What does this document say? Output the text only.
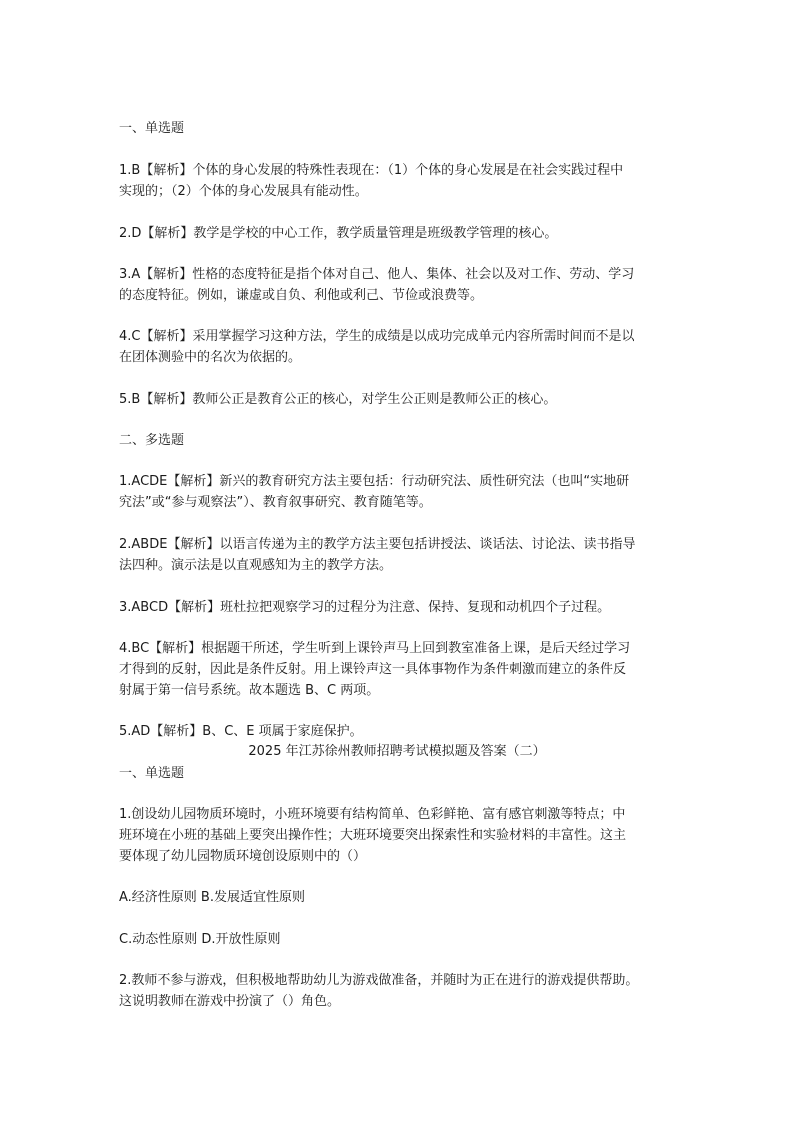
一、单选题
1.B【解析】个体的身心发展的特殊性表现在：（1）个体的身心发展是在社会实践过程中
实现的；（2）个体的身心发展具有能动性。
2.D【解析】教学是学校的中心工作，教学质量管理是班级教学管理的核心。
3.A【解析】性格的态度特征是指个体对自己、他人、集体、社会以及对工作、劳动、学习
的态度特征。例如，谦虚或自负、利他或利己、节俭或浪费等。
4.C【解析】采用掌握学习这种方法，学生的成绩是以成功完成单元内容所需时间而不是以
在团体测验中的名次为依据的。
5.B【解析】教师公正是教育公正的核心，对学生公正则是教师公正的核心。
二、多选题
1.ACDE【解析】新兴的教育研究方法主要包括：行动研究法、质性研究法（也叫“实地研
究法”或“参与观察法”）、教育叙事研究、教育随笔等。
2.ABDE【解析】以语言传递为主的教学方法主要包括讲授法、谈话法、讨论法、读书指导
法四种。演示法是以直观感知为主的教学方法。
3.ABCD【解析】班杜拉把观察学习的过程分为注意、保持、复现和动机四个子过程。
4.BC【解析】根据题干所述，学生听到上课铃声马上回到教室准备上课，是后天经过学习
才得到的反射，因此是条件反射。用上课铃声这一具体事物作为条件刺激而建立的条件反
射属于第一信号系统。故本题选 B、C 两项。
5.AD【解析】B、C、E 项属于家庭保护。
2025 年江苏徐州教师招聘考试模拟题及答案（二）
一、单选题
1.创设幼儿园物质环境时，小班环境要有结构简单、色彩鲜艳、富有感官刺激等特点；中
班环境在小班的基础上要突出操作性；大班环境要突出探索性和实验材料的丰富性。这主
要体现了幼儿园物质环境创设原则中的（）
A.经济性原则 B.发展适宜性原则
C.动态性原则 D.开放性原则
2.教师不参与游戏，但积极地帮助幼儿为游戏做准备，并随时为正在进行的游戏提供帮助。
这说明教师在游戏中扮演了（）角色。
